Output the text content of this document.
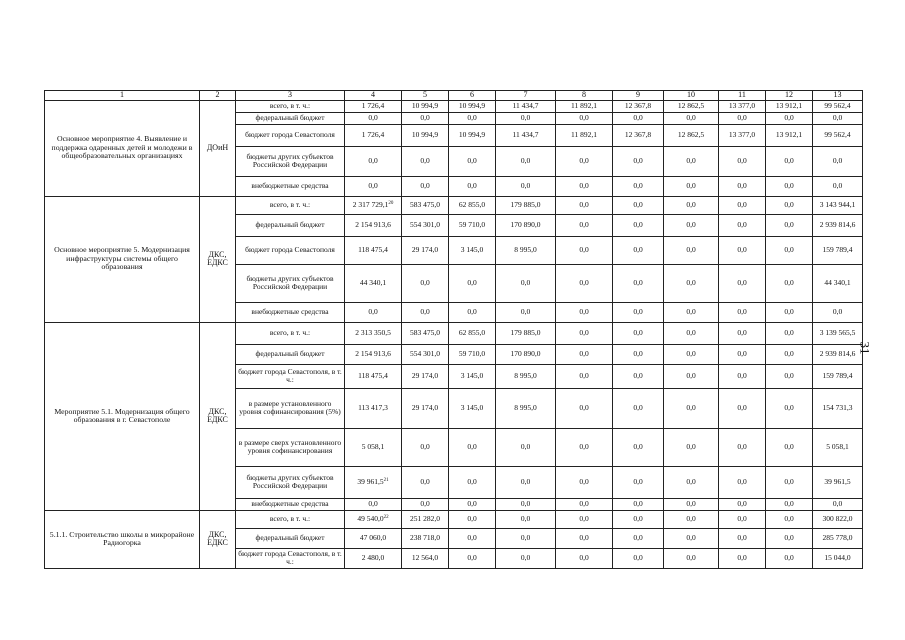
1	2	3	4	5	6	7	8	9	10	11	12	13
Основное мероприятие 4. Выявление и поддержка одаренных детей и молодежи в общеобразовательных организациях	ДОиН	всего, в т. ч.:	1 726,4	10 994,9	10 994,9	11 434,7	11 892,1	12 367,8	12 862,5	13 377,0	13 912,1	99 562,4
		федеральный бюджет	0,0	0,0	0,0	0,0	0,0	0,0	0,0	0,0	0,0	0,0
		бюджет города Севастополя	1 726,4	10 994,9	10 994,9	11 434,7	11 892,1	12 367,8	12 862,5	13 377,0	13 912,1	99 562,4
		бюджеты других субъектов Российской Федерации	0,0	0,0	0,0	0,0	0,0	0,0	0,0	0,0	0,0	0,0
		внебюджетные средства	0,0	0,0	0,0	0,0	0,0	0,0	0,0	0,0	0,0	0,0
Основное мероприятие 5. Модернизация инфраструктуры системы общего образования	ДКС, ЕДКС	всего, в т. ч.:	2 317 729,1$^{20}$	583 475,0	62 855,0	179 885,0	0,0	0,0	0,0	0,0	0,0	3 143 944,1
		федеральный бюджет	2 154 913,6	554 301,0	59 710,0	170 890,0	0,0	0,0	0,0	0,0	0,0	2 939 814,6
		бюджет города Севастополя	118 475,4	29 174,0	3 145,0	8 995,0	0,0	0,0	0,0	0,0	0,0	159 789,4
		бюджеты других субъектов Российской Федерации	44 340,1	0,0	0,0	0,0	0,0	0,0	0,0	0,0	0,0	44 340,1
		внебюджетные средства	0,0	0,0	0,0	0,0	0,0	0,0	0,0	0,0	0,0	0,0
Мероприятие 5.1. Модернизация общего образования в г. Севастополе	ДКС, ЕДКС	всего, в т. ч.:	2 313 350,5	583 475,0	62 855,0	179 885,0	0,0	0,0	0,0	0,0	0,0	3 139 565,5
		федеральный бюджет	2 154 913,6	554 301,0	59 710,0	170 890,0	0,0	0,0	0,0	0,0	0,0	2 939 814,6
		бюджет города Севастополя, в т. ч.:	118 475,4	29 174,0	3 145,0	8 995,0	0,0	0,0	0,0	0,0	0,0	159 789,4
		в размере установленного уровня софинансирования (5%)	113 417,3	29 174,0	3 145,0	8 995,0	0,0	0,0	0,0	0,0	0,0	154 731,3
		в размере сверх установленного уровня софинансирования	5 058,1	0,0	0,0	0,0	0,0	0,0	0,0	0,0	0,0	5 058,1
		бюджеты других субъектов Российской Федерации	39 961,5$^{21}$	0,0	0,0	0,0	0,0	0,0	0,0	0,0	0,0	39 961,5
		внебюджетные средства	0,0	0,0	0,0	0,0	0,0	0,0	0,0	0,0	0,0	0,0
5.1.1. Строительство школы в микрорайоне Радиогорка	ДКС, ЕДКС	всего, в т. ч.:	49 540,0$^{22}$	251 282,0	0,0	0,0	0,0	0,0	0,0	0,0	0,0	300 822,0
		федеральный бюджет	47 060,0	238 718,0	0,0	0,0	0,0	0,0	0,0	0,0	0,0	285 778,0
		бюджет города Севастополя, в т. ч.:	2 480,0	12 564,0	0,0	0,0	0,0	0,0	0,0	0,0	0,0	15 044,0
31
